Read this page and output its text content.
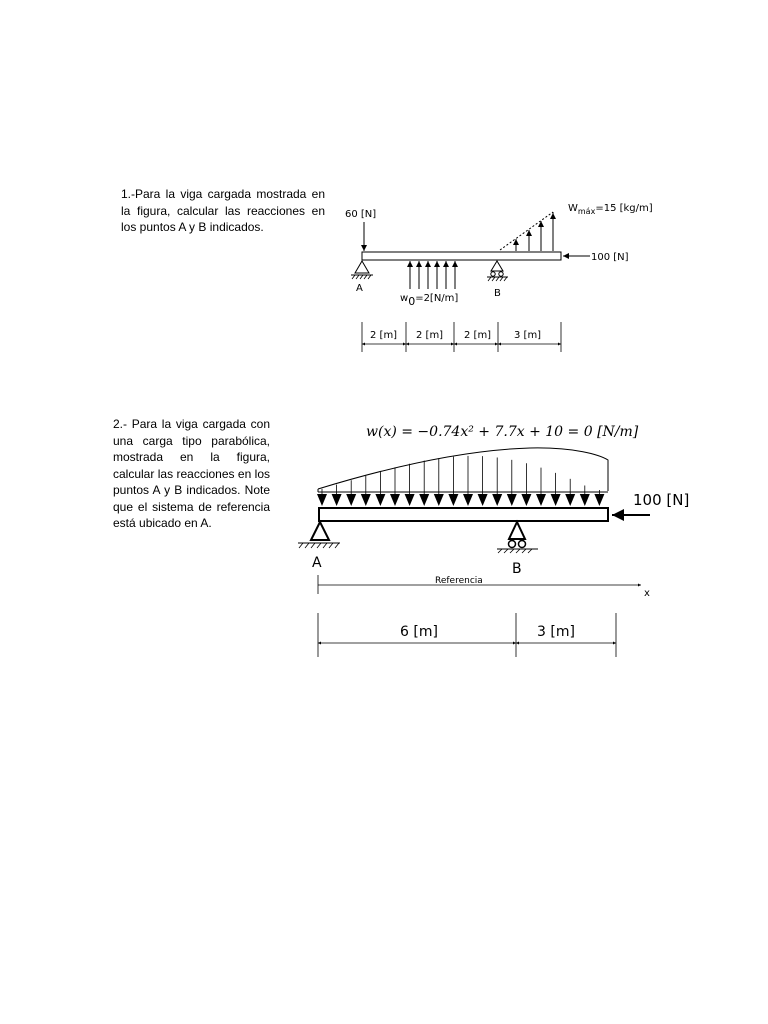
1.-Para la viga cargada mostrada en la figura, calcular las reacciones en los puntos A y B indicados.

2.- Para la viga cargada con una carga tipo parabólica, mostrada en la figura, calcular las reacciones en los puntos A y B indicados. Note que el sistema de referencia está ubicado en A.

60 [N]
A	B
w0=2[N/m]
$W_{máx}=15$ [kg/m]
100 [N]
2 [m] 2 [m] 2 [m] 3 [m]
w(x) = −0.74x² + 7.7x + 10 = 0 [N/m]
A	B
100 [N]
Referencia
x
6 [m]	3 [m]
